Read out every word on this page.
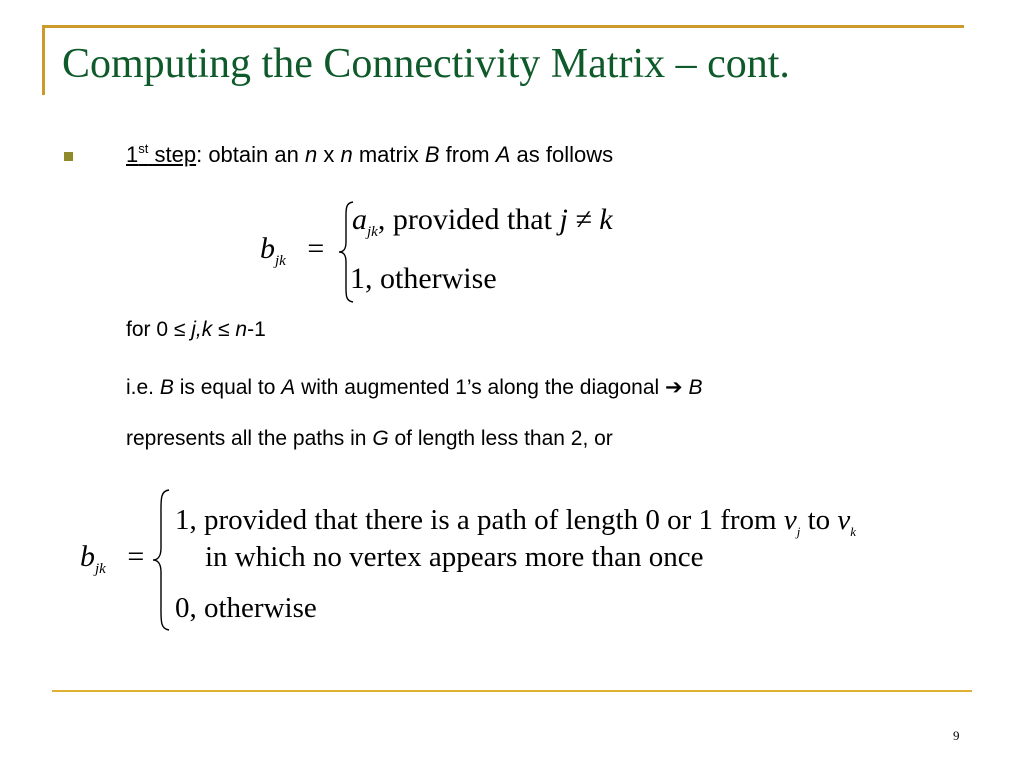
Computing the Connectivity Matrix – cont.
1st step: obtain an n x n matrix B from A as follows
$b_{jk}$ =
$a_{jk}$, provided that j ≠ k
1, otherwise
for 0 ≤ j,k ≤ n-1
i.e. B is equal to A with augmented 1’s along the diagonal ➔ B
represents all the paths in G of length less than 2, or
$b_{jk}$ =
1, provided that there is a path of length 0 or 1 from $v_j$ to $v_k$
in which no vertex appears more than once
0, otherwise
9
